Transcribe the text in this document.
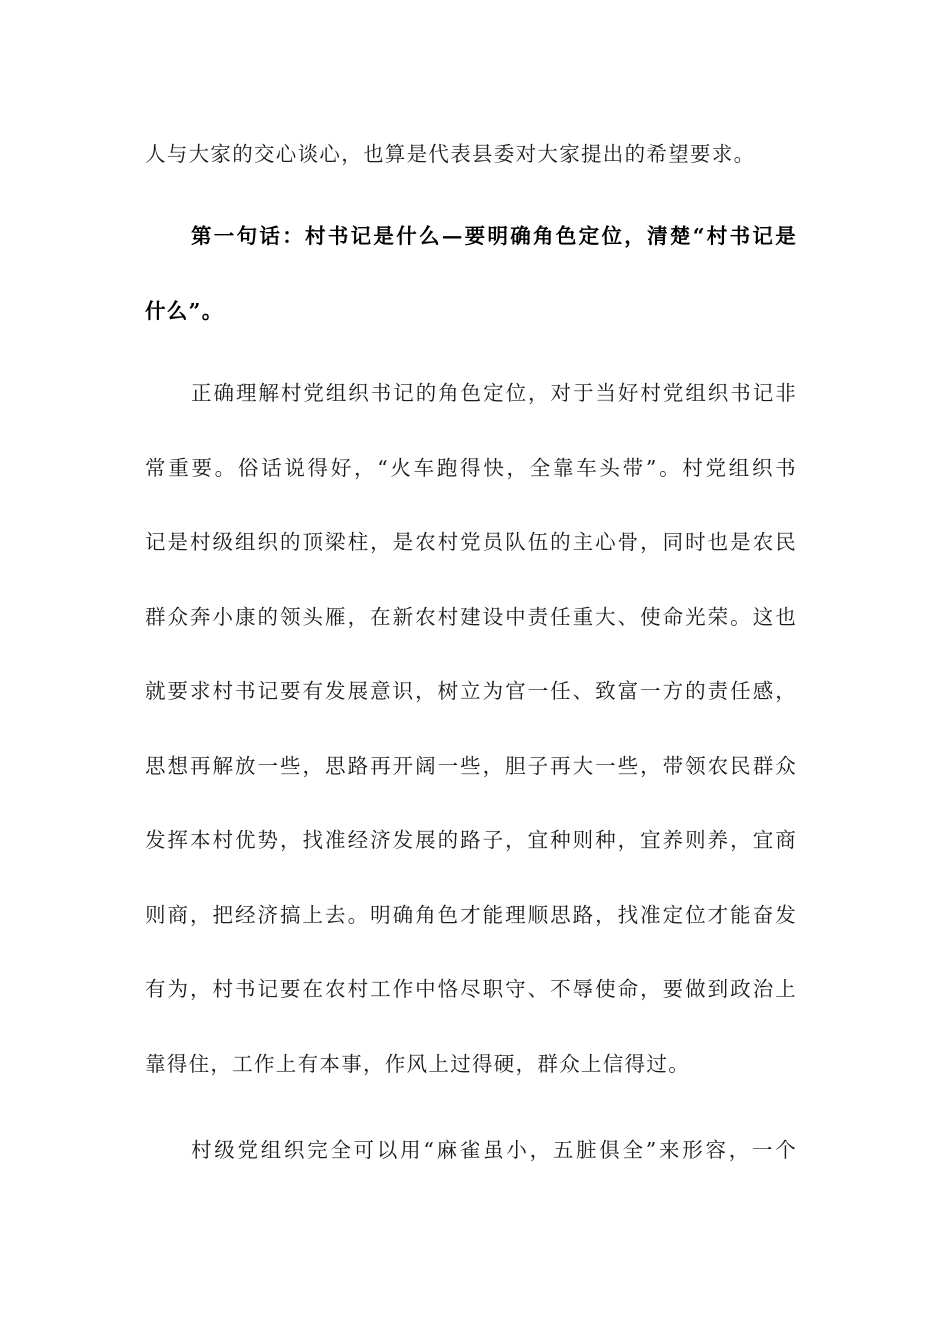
人与大家的交心谈心，也算是代表县委对大家提出的希望要求。
第一句话：村书记是什么—要明确角色定位，清楚“村书记是
什么”。
正确理解村党组织书记的角色定位，对于当好村党组织书记非
常重要。俗话说得好，“火车跑得快，全靠车头带”。村党组织书
记是村级组织的顶梁柱，是农村党员队伍的主心骨，同时也是农民
群众奔小康的领头雁，在新农村建设中责任重大、使命光荣。这也
就要求村书记要有发展意识，树立为官一任、致富一方的责任感，
思想再解放一些，思路再开阔一些，胆子再大一些，带领农民群众
发挥本村优势，找准经济发展的路子，宜种则种，宜养则养，宜商
则商，把经济搞上去。明确角色才能理顺思路，找准定位才能奋发
有为，村书记要在农村工作中恪尽职守、不辱使命，要做到政治上
靠得住，工作上有本事，作风上过得硬，群众上信得过。
村级党组织完全可以用“麻雀虽小，五脏俱全”来形容，一个
